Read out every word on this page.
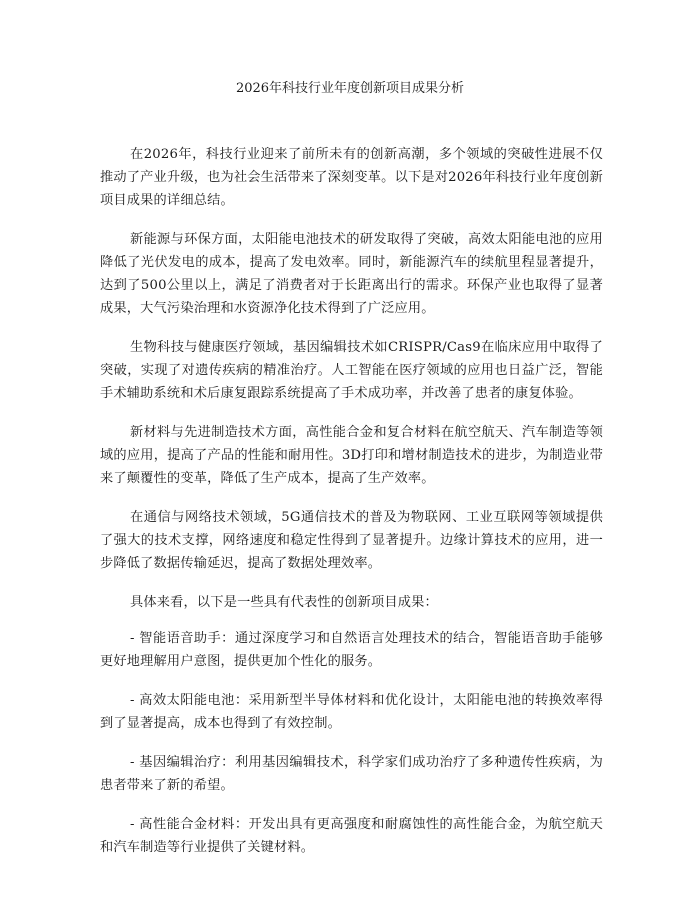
2026年科技行业年度创新项目成果分析

在2026年，科技行业迎来了前所未有的创新高潮，多个领域的突破性进展不仅推动了产业升级，也为社会生活带来了深刻变革。以下是对2026年科技行业年度创新项目成果的详细总结。

新能源与环保方面，太阳能电池技术的研发取得了突破，高效太阳能电池的应用降低了光伏发电的成本，提高了发电效率。同时，新能源汽车的续航里程显著提升，达到了500公里以上，满足了消费者对于长距离出行的需求。环保产业也取得了显著成果，大气污染治理和水资源净化技术得到了广泛应用。

生物科技与健康医疗领域，基因编辑技术如CRISPR/Cas9在临床应用中取得了突破，实现了对遗传疾病的精准治疗。人工智能在医疗领域的应用也日益广泛，智能手术辅助系统和术后康复跟踪系统提高了手术成功率，并改善了患者的康复体验。

新材料与先进制造技术方面，高性能合金和复合材料在航空航天、汽车制造等领域的应用，提高了产品的性能和耐用性。3D打印和增材制造技术的进步，为制造业带来了颠覆性的变革，降低了生产成本，提高了生产效率。

在通信与网络技术领域，5G通信技术的普及为物联网、工业互联网等领域提供了强大的技术支撑，网络速度和稳定性得到了显著提升。边缘计算技术的应用，进一步降低了数据传输延迟，提高了数据处理效率。

具体来看，以下是一些具有代表性的创新项目成果：

- 智能语音助手：通过深度学习和自然语言处理技术的结合，智能语音助手能够更好地理解用户意图，提供更加个性化的服务。

- 高效太阳能电池：采用新型半导体材料和优化设计，太阳能电池的转换效率得到了显著提高，成本也得到了有效控制。

- 基因编辑治疗：利用基因编辑技术，科学家们成功治疗了多种遗传性疾病，为患者带来了新的希望。

- 高性能合金材料：开发出具有更高强度和耐腐蚀性的高性能合金，为航空航天和汽车制造等行业提供了关键材料。
